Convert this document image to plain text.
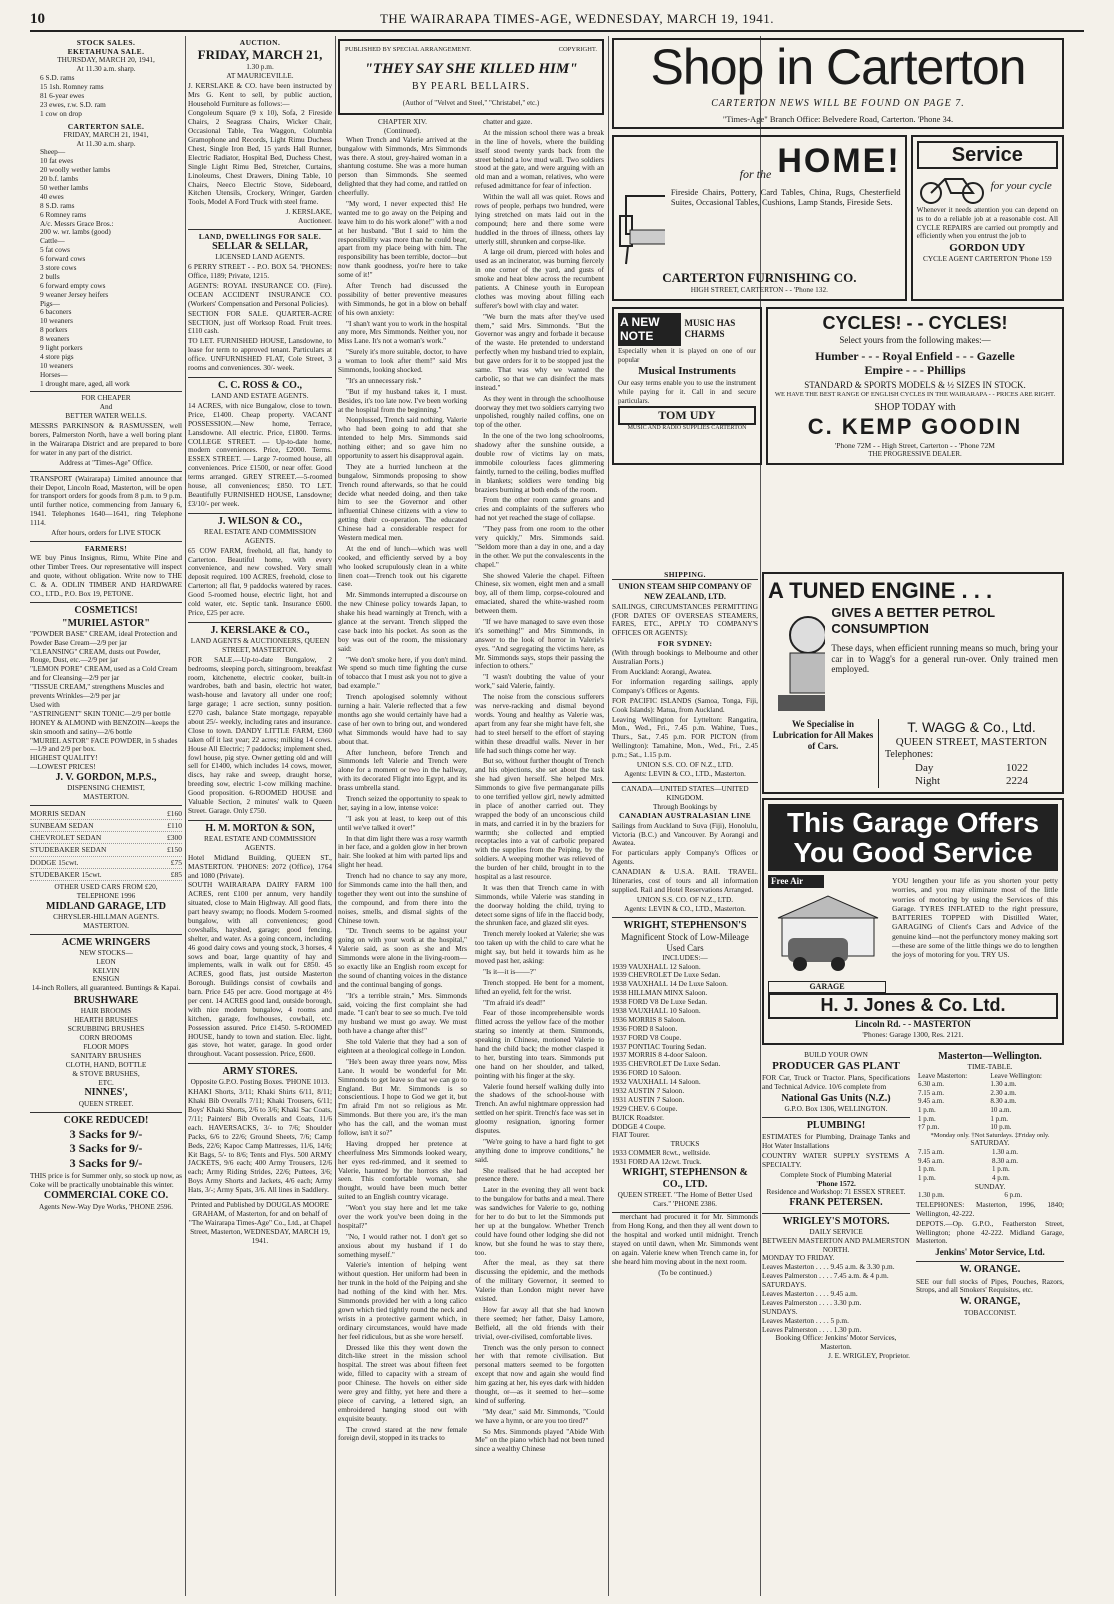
10	THE WAIRARAPA TIMES-AGE, WEDNESDAY, MARCH 19, 1941.
STOCK SALES.
EKETAHUNA SALE.
THURSDAY, MARCH 20, 1941,
At 11.30 a.m. sharp.
6 S.D. rams
15 1sh. Romney rams
81 6-year ewes
23 ewes, r.w. S.D. ram
1 cow on drop
CARTERTON SALE.
FRIDAY, MARCH 21, 1941,
At 11.30 a.m. sharp.
Sheep—
10 fat ewes
20 woolly wether lambs
20 b.f. lambs
50 wether lambs
40 ewes
8 S.D. rams
6 Romney rams
A/c. Messrs Grace Bros.:
200 w. wr. lambs (good)
Cattle—
5 fat cows
6 forward cows
3 store cows
2 bulls
6 forward empty cows
9 weaner Jersey heifers
Pigs—
6 baconers
10 weaners
8 porkers
8 weaners
9 light porkers
4 store pigs
10 weaners
Horses—
1 drought mare, aged, all work
FOR CHEAPER
And
BETTER WATER WELLS.

MESSRS PARKINSON & RASMUSSEN, well borers, Palmerston North, have a well boring plant in the Wairarapa District and are prepared to bore for water in any part of the district.

Address at "Times-Age" Office.

TRANSPORT (Wairarapa) Limited announce that their Depot, Lincoln Road, Masterton, will be open for transport orders for goods from 8 p.m. to 9 p.m. until further notice, commencing from January 6, 1941. Telephones 1640—1641, ring Telephone 1114.

After hours, orders for LIVE STOCK
FARMERS!

WE buy Pinus Insignus, Rimu, White Pine and other Timber Trees. Our representative will inspect and quote, without obligation. Write now to THE C. & A. ODLIN TIMBER AND HARDWARE CO., LTD., P.O. Box 19, PETONE.

COSMETICS!
"MURIEL ASTOR"
"POWDER BASE" CREAM, ideal Protection and Powder Base Cream—2/9 per jar
"CLEANSING" CREAM, dusts out Powder, Rouge, Dust, etc.—2/9 per jar
"LEMON PORE" CREAM, used as a Cold Cream and for Cleansing—2/9 per jar
"TISSUE CREAM," strengthens Muscles and prevents Wrinkles—2/9 per jar
Used with
"ASTRINGENT" SKIN TONIC—2/9 per bottle
HONEY & ALMOND with BENZOIN—keeps the skin smooth and satiny—2/6 bottle
"MURIEL ASTOR" FACE POWDER, in 5 shades—1/9 and 2/9 per box.
HIGHEST QUALITY!
—LOWEST PRICES!
J. V. GORDON, M.P.S.,
DISPENSING CHEMIST,
MASTERTON.
MORRIS SEDAN	£160
SUNBEAM SEDAN	£110
CHEVROLET SEDAN	£300
STUDEBAKER SEDAN	£150
DODGE 15cwt.	£75
STUDEBAKER 15cwt.	£85
OTHER USED CARS FROM £20,
TELEPHONE 1996
MIDLAND GARAGE, LTD
CHRYSLER-HILLMAN AGENTS.
MASTERTON.
ACME WRINGERS
NEW STOCKS—
LEON
KELVIN
ENSIGN
14-inch Rollers, all guaranteed. Buntings & Kapai.
BRUSHWARE
HAIR BROOMS
HEARTH BRUSHES
SCRUBBING BRUSHES
CORN BROOMS
FLOOR MOPS
SANITARY BRUSHES
CLOTH, HAND, BOTTLE
& STOVE BRUSHES,
ETC.
NINNES',
QUEEN STREET.
COKE REDUCED!
3 Sacks for 9/-
3 Sacks for 9/-
3 Sacks for 9/-

THIS price is for Summer only, so stock up now, as Coke will be practically unobtainable this winter.

COMMERCIAL COKE CO.
Agents New-Way Dye Works, 'PHONE 2596.
AUCTION.
FRIDAY, MARCH 21,
1.30 p.m.
AT MAURICEVILLE.

J. KERSLAKE & CO. have been instructed by Mrs G. Kent to sell, by public auction, Household Furniture as follows:—

Congoleum Square (9 x 10), Sofa, 2 Fireside Chairs, 2 Seagrass Chairs, Wicker Chair, Occasional Table, Tea Waggon, Columbia Gramophone and Records, Light Rimu Duchess Chest, Single Iron Bed, 15 yards Hall Runner, Electric Radiator, Hospital Bed, Duchess Chest, Single Light Rimu Bed, Stretcher, Curtains, Linoleums, Chest Drawers, Dining Table, 10 Chairs, Neeco Electric Stove, Sideboard, Kitchen Utensils, Crockery, Wringer, Garden Tools, Model A Ford Truck with steel frame.

J. KERSLAKE,
Auctioneer.
LAND, DWELLINGS FOR SALE.
SELLAR & SELLAR,
LICENSED LAND AGENTS.

6 PERRY STREET - - P.O. BOX 54. 'PHONES: Office, 1189; Private, 1215.

AGENTS: ROYAL INSURANCE CO. (Fire). OCEAN ACCIDENT INSURANCE CO. (Workers' Compensation and Personal Policies).

SECTION FOR SALE. QUARTER-ACRE SECTION, just off Worksop Road. Fruit trees. £110 cash.

TO LET. FURNISHED HOUSE, Lansdowne, to lease for term to approved tenant. Particulars at office. UNFURNISHED FLAT, Cole Street, 3 rooms and conveniences. 30/- week.

C. C. ROSS & CO.,
LAND AND ESTATE AGENTS.

14 ACRES, with nice Bungalow, close to town. Price, £1400. Cheap property. VACANT POSSESSION.—New home, Terrace, Lansdowne. All electric. Price, £1800. Terms. COLLEGE STREET. — Up-to-date home, modern conveniences. Price, £2000. Terms. ESSEX STREET. — Large 7-roomed house, all conveniences. Price £1500, or near offer. Good terms arranged. GREY STREET.—5-roomed house, all conveniences; £850. TO LET. Beautifully FURNISHED HOUSE, Lansdowne; £3/10/- per week.

J. WILSON & CO.,
REAL ESTATE AND COMMISSION AGENTS.

65 COW FARM, freehold, all flat, handy to Carterton. Beautiful home, with every convenience, and new cowshed. Very small deposit required. 100 ACRES, freehold, close to Carterton; all flat, 9 paddocks watered by races. Good 5-roomed house, electric light, hot and cold water, etc. Septic tank. Insurance £600. Price, £25 per acre.

J. KERSLAKE & CO.,
LAND AGENTS & AUCTIONEERS, QUEEN STREET, MASTERTON.

FOR SALE.—Up-to-date Bungalow, 2 bedrooms, sleeping porch, sittingroom, breakfast room, kitchenette, electric cooker, built-in wardrobes, bath and basin, electric hot water, wash-house and lavatory all under one roof; large garage; 1 acre section, sunny position. £270 cash, balance State mortgage, repayable about 25/- weekly, including rates and insurance. Close to town. DANDY LITTLE FARM, £360 taken off it last year; 22 acres; milking 14 cows. House All Electric; 7 paddocks; implement shed, fowl house, pig stye. Owner getting old and will sell for £1400, which includes 14 cows, mower, discs, hay rake and sweep, draught horse, breeding sow, electric 1-cow milking machine. Good proposition. 6-ROOMED HOUSE and Valuable Section, 2 minutes' walk to Queen Street. Garage. Only £750.

H. M. MORTON & SON,
REAL ESTATE AND COMMISSION AGENTS.

Hotel Midland Building, QUEEN ST., MASTERTON. 'PHONES: 2072 (Office), 1764 and 1080 (Private).

SOUTH WAIRARAPA DAIRY FARM 100 ACRES, rent £100 per annum, very handily situated, close to Main Highway. All good flats, part heavy swamp; no floods. Modern 5-roomed bungalow, with all conveniences; good cowshalls, hayshed, garage; good fencing, shelter, and water. As a going concern, including 46 good dairy cows and young stock, 3 horses, 4 sows and boar, large quantity of hay and implements, walk in walk out for £850. 45 ACRES, good flats, just outside Masterton Borough. Buildings consist of cowbails and barn. Price £45 per acre. Good mortgage at 4½ per cent. 14 ACRES good land, outside borough, with nice modern bungalow, 4 rooms and kitchen, garage, fowlhouses, cowbail, etc. Possession assured. Price £1450. 5-ROOMED HOUSE, handy to town and station. Elec. light, gas stove, hot water, garage. In good order throughout. Vacant possession. Price, £600.

ARMY STORES.
Opposite G.P.O. Posting Boxes. 'PHONE 1013.

KHAKI Shorts, 3/11; Khaki Shirts 6/11, 8/11; Khaki Bib Overalls 7/11; Khaki Trousers, 6/11; Boys' Khaki Shorts, 2/6 to 3/6; Khaki Sac Coats, 7/11; Painters' Bib Overalls and Coats, 11/6 each. HAVERSACKS, 3/- to 7/6; Shoulder Packs, 6/6 to 22/6; Ground Sheets, 7/6; Camp Beds, 22/6; Kapoc Camp Mattresses, 11/6, 14/6; Kit Bags, 5/- to 8/6; Tents and Flys. 500 ARMY JACKETS, 9/6 each; 400 Army Trousers, 12/6 each; Army Riding Strides, 22/6; Puttees, 3/6; Boys Army Shorts and Jackets, 4/6 each; Army Hats, 3/-; Army Spats, 3/6. All lines in Saddlery.

Printed and Published by DOUGLAS MOORE GRAHAM, of Masterton, for and on behalf of "The Wairarapa Times-Age" Co., Ltd., at Chapel Street, Masterton, WEDNESDAY, MARCH 19, 1941.

PUBLISHED BY SPECIAL ARRANGEMENT.	COPYRIGHT.
"THEY SAY SHE KILLED HIM"
BY PEARL BELLAIRS.
(Author of "Velvet and Steel," "Christabel," etc.)
CHAPTER XIV.
(Continued).

When Trench and Valerie arrived at the bungalow with Simmonds, Mrs Simmonds was there. A stout, grey-haired woman in a shantung costume. She was a more human person than Simmonds. She seemed delighted that they had come, and rattled on cheerfully.

"My word, I never expected this! He wanted me to go away on the Peiping and leave him to do his work alone!" with a nod at her husband. "But I said to him the responsibility was more than he could bear, apart from my place being with him. The responsibility has been terrible, doctor—but now thank goodness, you're here to take some of it!"

After Trench had discussed the possibility of better preventive measures with Simmonds, he got in a blow on behalf of his own anxiety:

"I shan't want you to work in the hospital any more, Mrs Simmonds. Neither you, nor Miss Lane. It's not a woman's work."

"Surely it's more suitable, doctor, to have a woman to look after them!" said Mrs Simmonds, looking shocked.

"It's an unnecessary risk."

"But if my husband takes it, I must. Besides, it's too late now. I've been working at the hospital from the beginning."

Nonplussed, Trench said nothing. Valerie who had been going to add that she intended to help Mrs. Simmonds said nothing either; and so gave him no opportunity to assert his disapproval again.

They ate a hurried luncheon at the bungalow, Simmonds proposing to show Trench round afterwards, so that he could decide what needed doing, and then take him to see the Governor and other influential Chinese citizens with a view to getting their co-operation. The educated Chinese had a considerable respect for Western medical men.

At the end of lunch—which was well cooked, and efficiently served by a boy who looked scrupulously clean in a white linen coat—Trench took out his cigarette case.

Mr. Simmonds interrupted a discourse on the new Chinese policy towards Japan, to shake his head warningly at Trench, with a glance at the servant. Trench slipped the case back into his pocket. As soon as the boy was out of the room, the missionary said:

"We don't smoke here, if you don't mind. We spend so much time fighting the curse of tobacco that I must ask you not to give a bad example."

Trench apologised solemnly without turning a hair. Valerie reflected that a few months ago she would certainly have had a case of her own to bring out, and wondered what Simmonds would have had to say about that.

After luncheon, before Trench and Simmonds left Valerie and Trench were alone for a moment or two in the hallway, with its decorated Flight into Egypt, and its brass umbrella stand.

Trench seized the opportunity to speak to her, saying in a low, intense voice:

"I ask you at least, to keep out of this until we've talked it over!"

In that dim light there was a rosy warmth in her face, and a golden glow in her brown hair. She looked at him with parted lips and slight her head.

Trench had no chance to say any more, for Simmonds came into the hall then, and together they went out into the sunshine of the compound, and from there into the noises, smells, and dismal sights of the Chinese town.

"Dr. Trench seems to be against your going on with your work at the hospital," Valerie said, as soon as she and Mrs Simmonds were alone in the living-room—so exactly like an English room except for the sound of chanting voices in the distance and the continual banging of gongs.

"It's a terrible strain," Mrs. Simmonds said, voicing the first complaint she had made. "I can't bear to see so much. I've told my husband we must go away. We must both have a change after this!"

She told Valerie that they had a son of eighteen at a theological college in London.

"He's been away three years now, Miss Lane. It would be wonderful for Mr. Simmonds to get leave so that we can go to England. But Mr. Simmonds is so conscientious. I hope to God we get it, but I'm afraid I'm not so religious as Mr. Simmonds. But there you are, it's the man who has the call, and the woman must follow, isn't it so?"

Having dropped her pretence at cheerfulness Mrs Simmonds looked weary, her eyes red-rimmed, and it seemed to Valerie, haunted by the horrors she had seen. This comfortable woman, she thought, would have been much better suited to an English country vicarage.

"Won't you stay here and let me take over the work you've been doing in the hospital?"

"No, I would rather not. I don't get so anxious about my husband if I do something myself."

Valerie's intention of helping went without question. Her uniform had been in her trunk in the hold of the Peiping and she had nothing of the kind with her. Mrs. Simmonds provided her with a long calico gown which tied tightly round the neck and wrists in a protective garment which, in ordinary circumstances, would have made her feel ridiculous, but as she wore herself.

Dressed like this they went down the ditch-like street in the mission school hospital. The street was about fifteen feet wide, filled to capacity with a stream of poor Chinese. The hovels on either side were grey and filthy, yet here and there a piece of carving, a lettered sign, an embroidered hanging stood out with exquisite beauty.

The crowd stared at the new female foreign devil, stopped in its tracks to

chatter and gaze.

At the mission school there was a break in the line of hovels, where the building itself stood twenty yards back from the street behind a low mud wall. Two soldiers stood at the gate, and were arguing with an old man and a woman, relatives, who were refused admittance for fear of infection.

Within the wall all was quiet. Rows and rows of people, perhaps two hundred, were lying stretched on mats laid out in the compound; here and there some were huddled in the throes of illness, others lay utterly still, shrunken and corpse-like.

A large oil drum, pierced with holes and used as an incinerator, was burning fiercely in one corner of the yard, and gusts of smoke and heat blew across the recumbent patients. A Chinese youth in European clothes was moving about filling each sufferer's bowl with clay and water.

"We burn the mats after they've used them," said Mrs. Simmonds. "But the Governor was angry and forbade it because of the waste. He pretended to understand perfectly when my husband tried to explain, but gave orders for it to be stopped just the same. That was why we wanted the carbolic, so that we can disinfect the mats instead."

As they went in through the schoolhouse doorway they met two soldiers carrying two unpolished, roughly nailed coffins, one on top of the other.

In the one of the two long schoolrooms, shadowy after the sunshine outside, a double row of victims lay on mats, immobile colourless faces glimmering faintly, turned to the ceiling, bodies muffled in blankets; soldiers were tending big braziers burning at both ends of the room.

From the other room came groans and cries and complaints of the sufferers who had not yet reached the stage of collapse.

"They pass from one room to the other very quickly," Mrs. Simmonds said. "Seldom more than a day in one, and a day in the other. We put the convalescents in the chapel."

She showed Valerie the chapel. Fifteen Chinese, six women, eight men and a small boy, all of them limp, corpse-coloured and emaciated, shared the white-washed room between them.

"If we have managed to save even those it's something!" and Mrs Simmonds, in answer to the look of horror in Valerie's eyes. "And segregating the victims here, as Mr. Simmonds says, stops their passing the infection to others."

"I wasn't doubting the value of your work," said Valerie, faintly.

The noise from the conscious sufferers was nerve-racking and dismal beyond words. Young and healthy as Valerie was, apart from any fear she might have felt, she had to steel herself to the effort of staying within these dreadful walls. Never in her life had such things come her way.

But so, without further thought of Trench and his objections, she set about the task she had given herself. She helped Mrs. Simmonds to give five permanganate pills to one terrified yellow girl, newly admitted in place of another carried out. They wrapped the body of an unconscious child in mats, and carried it in by the braziers for warmth; she collected and emptied receptacles into a vat of carbolic prepared with the supplies from the Peiping, by the soldiers. A weeping mother was relieved of the burden of her child, brought in to the hospital as a last resource.

It was then that Trench came in with Simmonds, while Valerie was standing in the doorway holding the child, trying to detect some signs of life in the flaccid body, the shrunken face, and glazed slit eyes.

Trench merely looked at Valerie; she was too taken up with the child to care what he might say, but held it towards him as he moved past her, asking:

"Is it—it is——?"

Trench stopped. He bent for a moment, lifted an eyelid, felt for the wrist.

"I'm afraid it's dead!"

Fear of those incomprehensible words flitted across the yellow face of the mother staring so intently at them. Simmonds, speaking in Chinese, motioned Valerie to hand the child back; the mother clasped it to her, bursting into tears. Simmonds put one hand on her shoulder, and talked, pointing with his finger at the sky.

Valerie found herself walking dully into the shadows of the school-house with Trench. An awful nightmare oppression had settled on her spirit. Trench's face was set in gloomy resignation, ignoring former disputes.

"We're going to have a hard fight to get anything done to improve conditions," he said.

She realised that he had accepted her presence there.

Later in the evening they all went back to the bungalow for baths and a meal. There was sandwiches for Valerie to go, nothing for her to do but to let the Simmonds put her up at the bungalow. Whether Trench could have found other lodging she did not know, but she found he was to stay there, too.

After the meal, as they sat there discussing the epidemic, and the methods of the military Governor, it seemed to Valerie than London might never have existed.

How far away all that she had known there seemed; her father, Daisy Lamore, Belfield, all the old friends with their trivial, over-civilised, comfortable lives.

Trench was the only person to connect her with that remote civilisation. But personal matters seemed to be forgotten except that now and again she would find him gazing at her, his eyes dark with hidden thought, or—as it seemed to her—some kind of suffering.

"My dear," said Mr. Simmonds, "Could we have a hymn, or are you too tired?"

So Mrs. Simmonds played "Abide With Me" on the piano which had not been tuned since a wealthy Chinese

SHIPPING.
UNION STEAM SHIP COMPANY OF NEW ZEALAND, LTD.

SAILINGS, CIRCUMSTANCES PERMITTING (FOR DATES OF OVERSEAS STEAMERS, FARES, ETC., APPLY TO COMPANY'S OFFICES OR AGENTS):

FOR SYDNEY:

(With through bookings to Melbourne and other Australian Ports.)

From Auckland: Aorangi, Awatea.

For information regarding sailings, apply Company's Offices or Agents.

FOR PACIFIC ISLANDS (Samoa, Tonga, Fiji, Cook Islands): Matua, from Auckland.

Leaving Wellington for Lyttelton: Rangatira, Mon., Wed., Fri., 7.45 p.m. Wahine, Tues., Thurs., Sat., 7.45 p.m. FOR PICTON (from Wellington): Tamahine, Mon., Wed., Fri., 2.45 p.m.; Sat., 1.15 p.m.

UNION S.S. CO. OF N.Z., LTD.
Agents: LEVIN & CO., LTD., Masterton.
CANADA—UNITED STATES—UNITED KINGDOM.
Through Bookings by
CANADIAN AUSTRALASIAN LINE

Sailings from Auckland to Suva (Fiji), Honolulu, Victoria (B.C.) and Vancouver. By Aorangi and Awatea.

For particulars apply Company's Offices or Agents.

CANADIAN & U.S.A. RAIL TRAVEL. Itineraries, cost of tours and all information supplied. Rail and Hotel Reservations Arranged.

UNION S.S. CO. OF N.Z., LTD.
Agents: LEVIN & CO., LTD., Masterton.
WRIGHT, STEPHENSON'S
Magnificent Stock of Low-Mileage Used Cars
INCLUDES:—
1939 VAUXHALL 12 Saloon.
1939 CHEVROLET De Luxe Sedan.
1938 VAUXHALL 14 De Luxe Saloon.
1938 HILLMAN MINX Saloon.
1938 FORD V8 De Luxe Sedan.
1938 VAUXHALL 10 Saloon.
1936 MORRIS 8 Saloon.
1936 FORD 8 Saloon.
1937 FORD V8 Coupe.
1937 PONTIAC Touring Sedan.
1937 MORRIS 8 4-door Saloon.
1935 CHEVROLET De Luxe Sedan.
1936 FORD 10 Saloon.
1932 VAUXHALL 14 Saloon.
1932 AUSTIN 7 Saloon.
1931 AUSTIN 7 Saloon.
1929 CHEV. 6 Coupe.
BUICK Roadster.
DODGE 4 Coupe.
FIAT Tourer.
TRUCKS
1933 COMMER 8cwt., welltside.
1931 FORD AA 12cwt. Truck.
WRIGHT, STEPHENSON & CO., LTD.
QUEEN STREET. "The Home of Better Used Cars." 'PHONE 2386.

merchant had procured it for Mr. Simmonds from Hong Kong, and then they all went down to the hospital and worked until midnight. Trench stayed on until dawn, when Mr. Simmonds went on again. Valerie knew when Trench came in, for she heard him moving about in the next room.

(To be continued.)
Shop in Carterton
CARTERTON NEWS WILL BE FOUND ON PAGE 7.
"Times-Age" Branch Office: Belvedere Road, Carterton. 'Phone 34.
for the HOME!

Fireside Chairs, Pottery, Card Tables, China, Rugs, Chesterfield Suites, Occasional Tables, Cushions, Lamp Stands, Fireside Sets.

CARTERTON FURNISHING CO.
HIGH STREET, CARTERTON - - 'Phone 132.
Service
for your cycle

Whenever it needs attention you can depend on us to do a reliable job at a reasonable cost. All CYCLE REPAIRS are carried out promptly and efficiently when you entrust the job to

GORDON UDY
CYCLE AGENT CARTERTON 'Phone 159
A NEW NOTE
MUSIC HAS CHARMS

Especially when it is played on one of our popular

Musical Instruments

Our easy terms enable you to use the instrument while paying for it. Call in and secure particulars.

TOM UDY
MUSIC AND RADIO SUPPLIES CARTERTON
CYCLES! - - CYCLES!
Select yours from the following makes:—
Humber - - - Royal Enfield - - - Gazelle
Empire - - - Phillips
STANDARD & SPORTS MODELS & ½ SIZES IN STOCK.
WE HAVE THE BEST RANGE OF ENGLISH CYCLES IN THE WAIRARAPA - - PRICES ARE RIGHT.
SHOP TODAY with
C. KEMP GOODIN
'Phone 72M - - High Street, Carterton - - 'Phone 72M
THE PROGRESSIVE DEALER.
A TUNED ENGINE . . .
GIVES A BETTER PETROL CONSUMPTION

These days, when efficient running means so much, bring your car in to Wagg's for a general run-over. Only trained men employed.

We Specialise in Lubrication for All Makes of Cars.
T. WAGG & Co., Ltd.
QUEEN STREET, MASTERTON
Telephones:
Day	1022
Night	2224
This Garage Offers You Good Service
Free Air
GARAGE

YOU lengthen your life as you shorten your petty worries, and you may eliminate most of the little worries of motoring by using the Services of this Garage. TYRES INFLATED to the right pressure, BATTERIES TOPPED with Distilled Water, GARAGING of Client's Cars and Advice of the genuine kind—not the perfunctory money making sort—these are some of the little things we do to lengthen the joys of motoring for you. TRY US.

H. J. Jones & Co. Ltd.
Lincoln Rd. - - MASTERTON
'Phones: Garage 1300, Res. 2121.
BUILD YOUR OWN
PRODUCER GAS PLANT

FOR Car, Truck or Tractor. Plans, Specifications and Technical Advice. 10/6 complete from

National Gas Units (N.Z.)
G.P.O. Box 1306, WELLINGTON.
PLUMBING!

ESTIMATES for Plumbing, Drainage Tanks and Hot Water Installations

COUNTRY WATER SUPPLY SYSTEMS A SPECIALTY.

Complete Stock of Plumbing Material
'Phone 1572.
Residence and Workshop: 71 ESSEX STREET.
FRANK PETERSEN.
WRIGLEY'S MOTORS.
DAILY SERVICE
BETWEEN MASTERTON AND PALMERSTON NORTH.
MONDAY TO FRIDAY.
Leaves Masterton . . . . 9.45 a.m. & 3.30 p.m.
Leaves Palmerston . . . . 7.45 a.m. & 4 p.m.
SATURDAYS.
Leaves Masterton . . . . 9.45 a.m.
Leaves Palmerston . . . . 3.30 p.m.
SUNDAYS.
Leaves Masterton . . . . 5 p.m.
Leaves Palmerston . . . . 1.30 p.m.
Booking Office: Jenkins' Motor Services, Masterton.
J. E. WRIGLEY, Proprietor.
Masterton—Wellington.
TIME-TABLE.
Leave Masterton:	Leave Wellington:
6.30 a.m.	1.30 a.m.
7.15 a.m.	2.30 a.m.
9.45 a.m.	8.30 a.m.
1 p.m.	10 a.m.
1 p.m.	1 p.m.
†7 p.m.	10 p.m.
*Monday only. †Not Saturdays. ‡Friday only.
SATURDAY.
7.15 a.m.	1.30 a.m.
9.45 a.m.	8.30 a.m.
1 p.m.	1 p.m.
1 p.m.	4 p.m.
SUNDAY.
1.30 p.m.	6 p.m.

TELEPHONES: Masterton, 1996, 1840; Wellington, 42-222.

DEPOTS.—Op. G.P.O., Featherston Street, Wellington; phone 42-222. Midland Garage, Masterton.

Jenkins' Motor Service, Ltd.
W. ORANGE.

SEE our full stocks of Pipes, Pouches, Razors, Strops, and all Smokers' Requisites, etc.

W. ORANGE,
TOBACCONIST.
